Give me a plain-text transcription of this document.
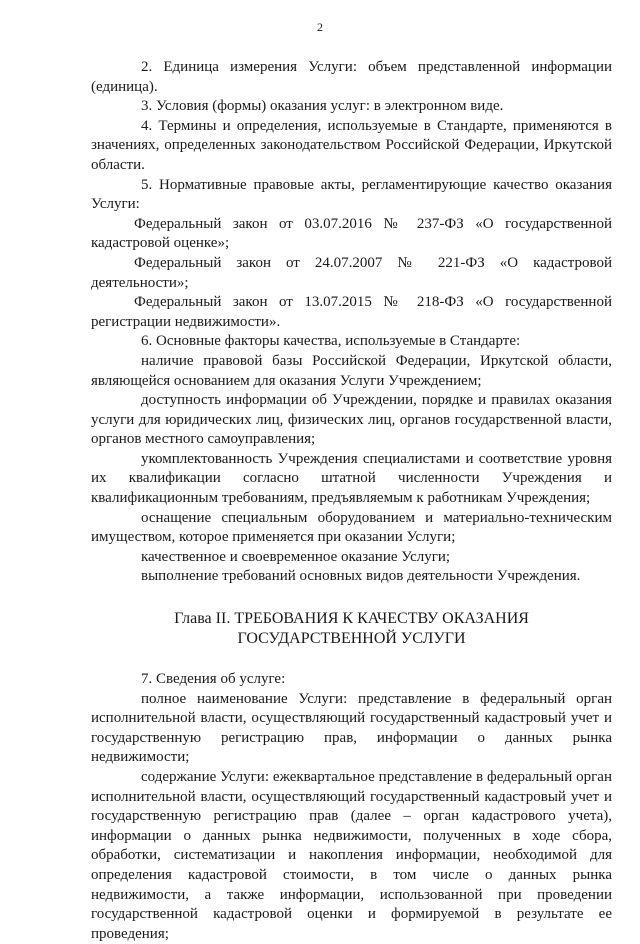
2

2. Единица измерения Услуги: объем представленной информации (единица).

3. Условия (формы) оказания услуг: в электронном виде.

4. Термины и определения, используемые в Стандарте, применяются в значениях, определенных законодательством Российской Федерации, Иркутской области.

5. Нормативные правовые акты, регламентирующие качество оказания Услуги:

Федеральный закон от 03.07.2016 № 237-ФЗ «О государственной кадастровой оценке»;

Федеральный закон от 24.07.2007 № 221-ФЗ «О кадастровой деятельности»;

Федеральный закон от 13.07.2015 № 218-ФЗ «О государственной регистрации недвижимости».

6. Основные факторы качества, используемые в Стандарте:

наличие правовой базы Российской Федерации, Иркутской области, являющейся основанием для оказания Услуги Учреждением;

доступность информации об Учреждении, порядке и правилах оказания услуги для юридических лиц, физических лиц, органов государственной власти, органов местного самоуправления;

укомплектованность Учреждения специалистами и соответствие уровня их квалификации согласно штатной численности Учреждения и квалификационным требованиям, предъявляемым к работникам Учреждения;

оснащение специальным оборудованием и материально-техническим имуществом, которое применяется при оказании Услуги;

качественное и своевременное оказание Услуги;

выполнение требований основных видов деятельности Учреждения.

Глава II. ТРЕБОВАНИЯ К КАЧЕСТВУ ОКАЗАНИЯ
ГОСУДАРСТВЕННОЙ УСЛУГИ

7. Сведения об услуге:

полное наименование Услуги: представление в федеральный орган исполнительной власти, осуществляющий государственный кадастровый учет и государственную регистрацию прав, информации о данных рынка недвижимости;

содержание Услуги: ежеквартальное представление в федеральный орган исполнительной власти, осуществляющий государственный кадастровый учет и государственную регистрацию прав (далее – орган кадастрового учета), информации о данных рынка недвижимости, полученных в ходе сбора, обработки, систематизации и накопления информации, необходимой для определения кадастровой стоимости, в том числе о данных рынка недвижимости, а также информации, использованной при проведении государственной кадастровой оценки и формируемой в результате ее проведения;
